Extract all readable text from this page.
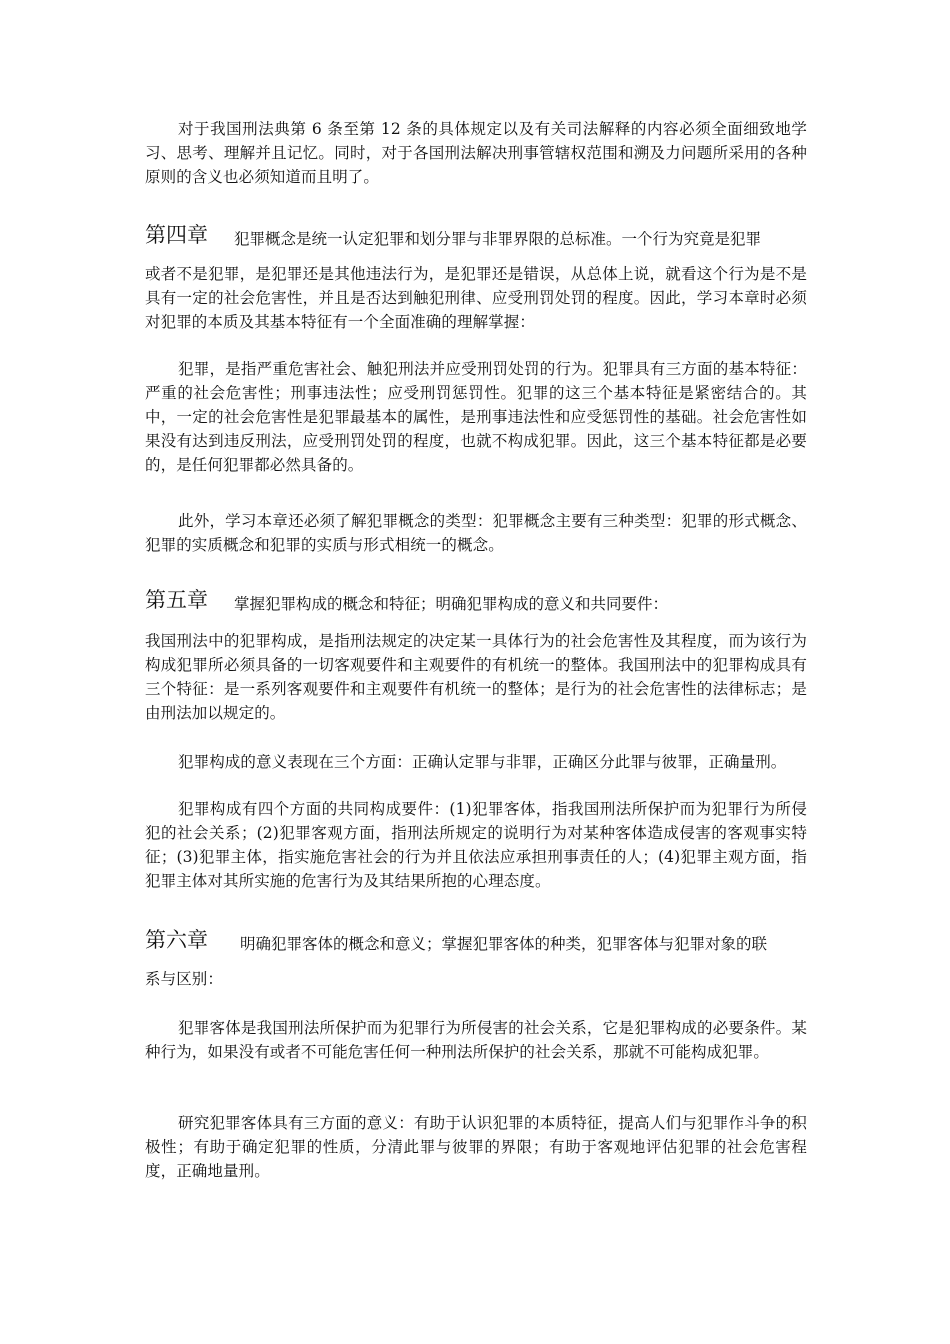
对于我国刑法典第 6 条至第 12 条的具体规定以及有关司法解释的内容必须全面细致地学习、思考、理解并且记忆。同时，对于各国刑法解决刑事管辖权范围和溯及力问题所采用的各种原则的含义也必须知道而且明了。

第四章 犯罪概念是统一认定犯罪和划分罪与非罪界限的总标准。一个行为究竟是犯罪

或者不是犯罪，是犯罪还是其他违法行为，是犯罪还是错误，从总体上说，就看这个行为是不是具有一定的社会危害性，并且是否达到触犯刑律、应受刑罚处罚的程度。因此，学习本章时必须对犯罪的本质及其基本特征有一个全面准确的理解掌握：

犯罪，是指严重危害社会、触犯刑法并应受刑罚处罚的行为。犯罪具有三方面的基本特征：严重的社会危害性；刑事违法性；应受刑罚惩罚性。犯罪的这三个基本特征是紧密结合的。其中，一定的社会危害性是犯罪最基本的属性，是刑事违法性和应受惩罚性的基础。社会危害性如果没有达到违反刑法，应受刑罚处罚的程度，也就不构成犯罪。因此，这三个基本特征都是必要的，是任何犯罪都必然具备的。

此外，学习本章还必须了解犯罪概念的类型：犯罪概念主要有三种类型：犯罪的形式概念、犯罪的实质概念和犯罪的实质与形式相统一的概念。

第五章 掌握犯罪构成的概念和特征；明确犯罪构成的意义和共同要件：

我国刑法中的犯罪构成，是指刑法规定的决定某一具体行为的社会危害性及其程度，而为该行为构成犯罪所必须具备的一切客观要件和主观要件的有机统一的整体。我国刑法中的犯罪构成具有三个特征：是一系列客观要件和主观要件有机统一的整体；是行为的社会危害性的法律标志；是由刑法加以规定的。

犯罪构成的意义表现在三个方面：正确认定罪与非罪，正确区分此罪与彼罪，正确量刑。

犯罪构成有四个方面的共同构成要件：(1)犯罪客体，指我国刑法所保护而为犯罪行为所侵犯的社会关系；(2)犯罪客观方面，指刑法所规定的说明行为对某种客体造成侵害的客观事实特征；(3)犯罪主体，指实施危害社会的行为并且依法应承担刑事责任的人；(4)犯罪主观方面，指犯罪主体对其所实施的危害行为及其结果所抱的心理态度。

第六章 明确犯罪客体的概念和意义；掌握犯罪客体的种类，犯罪客体与犯罪对象的联

系与区别：

犯罪客体是我国刑法所保护而为犯罪行为所侵害的社会关系，它是犯罪构成的必要条件。某种行为，如果没有或者不可能危害任何一种刑法所保护的社会关系，那就不可能构成犯罪。

研究犯罪客体具有三方面的意义：有助于认识犯罪的本质特征，提高人们与犯罪作斗争的积极性；有助于确定犯罪的性质，分清此罪与彼罪的界限；有助于客观地评估犯罪的社会危害程度，正确地量刑。
